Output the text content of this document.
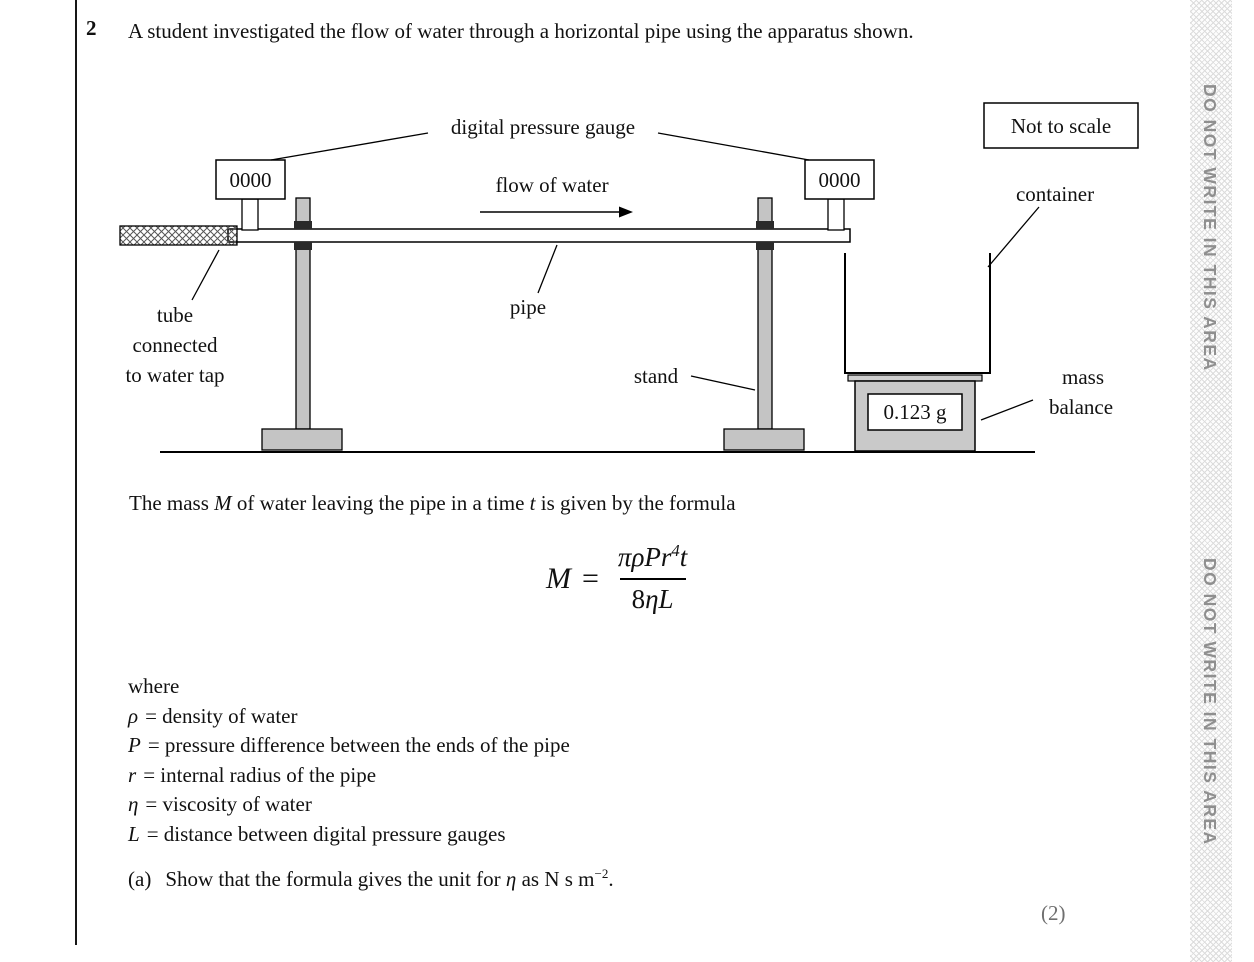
2 A student investigated the flow of water through a horizontal pipe using the apparatus shown.
0000	0000
0.123 g
digital pressure gauge
flow of water
pipe
tube
connected
to water tap	stand
container
mass
balance
Not to scale
The mass M of water leaving the pipe in a time t is given by the formula
$M = \frac{\pi\rho Pr^4t}{8\eta L}$
where
ρ = density of water
P = pressure difference between the ends of the pipe
r = internal radius of the pipe
η = viscosity of water
L = distance between digital pressure gauges
(a) Show that the formula gives the unit for η as N s $m^{-2}$.
(2)
DO NOT WRITE IN THIS AREA
DO NOT WRITE IN THIS AREA
